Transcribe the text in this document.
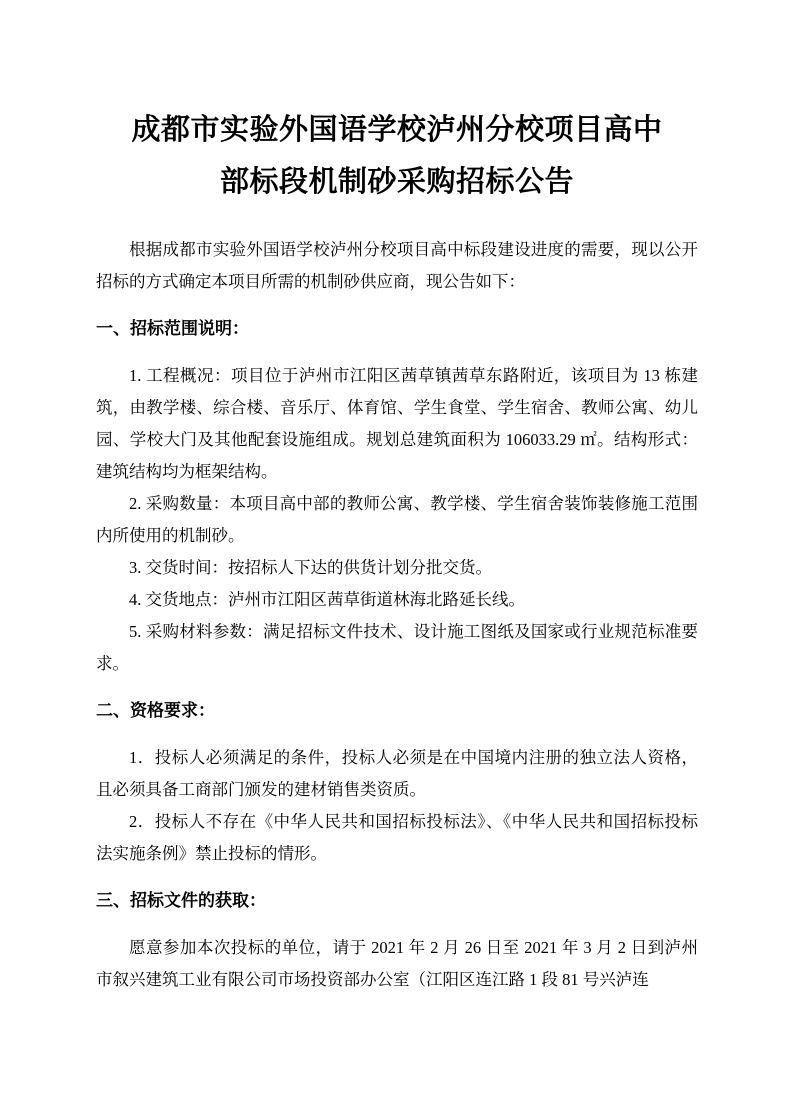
成都市实验外国语学校泸州分校项目高中
部标段机制砂采购招标公告

根据成都市实验外国语学校泸州分校项目高中标段建设进度的需要，现以公开招标的方式确定本项目所需的机制砂供应商，现公告如下：

一、招标范围说明：

1. 工程概况：项目位于泸州市江阳区茜草镇茜草东路附近，该项目为 13 栋建筑，由教学楼、综合楼、音乐厅、体育馆、学生食堂、学生宿舍、教师公寓、幼儿园、学校大门及其他配套设施组成。规划总建筑面积为 106033.29 ㎡。结构形式：建筑结构均为框架结构。

2. 采购数量：本项目高中部的教师公寓、教学楼、学生宿舍装饰装修施工范围内所使用的机制砂。

3. 交货时间：按招标人下达的供货计划分批交货。

4. 交货地点：泸州市江阳区茜草街道林海北路延长线。

5. 采购材料参数：满足招标文件技术、设计施工图纸及国家或行业规范标准要求。

二、资格要求：

1．投标人必须满足的条件，投标人必须是在中国境内注册的独立法人资格，且必须具备工商部门颁发的建材销售类资质。

2．投标人不存在《中华人民共和国招标投标法》、《中华人民共和国招标投标法实施条例》禁止投标的情形。

三、招标文件的获取：

愿意参加本次投标的单位，请于 2021 年 2 月 26 日至 2021 年 3 月 2 日到泸州市叙兴建筑工业有限公司市场投资部办公室（江阳区连江路 1 段 81 号兴泸连
